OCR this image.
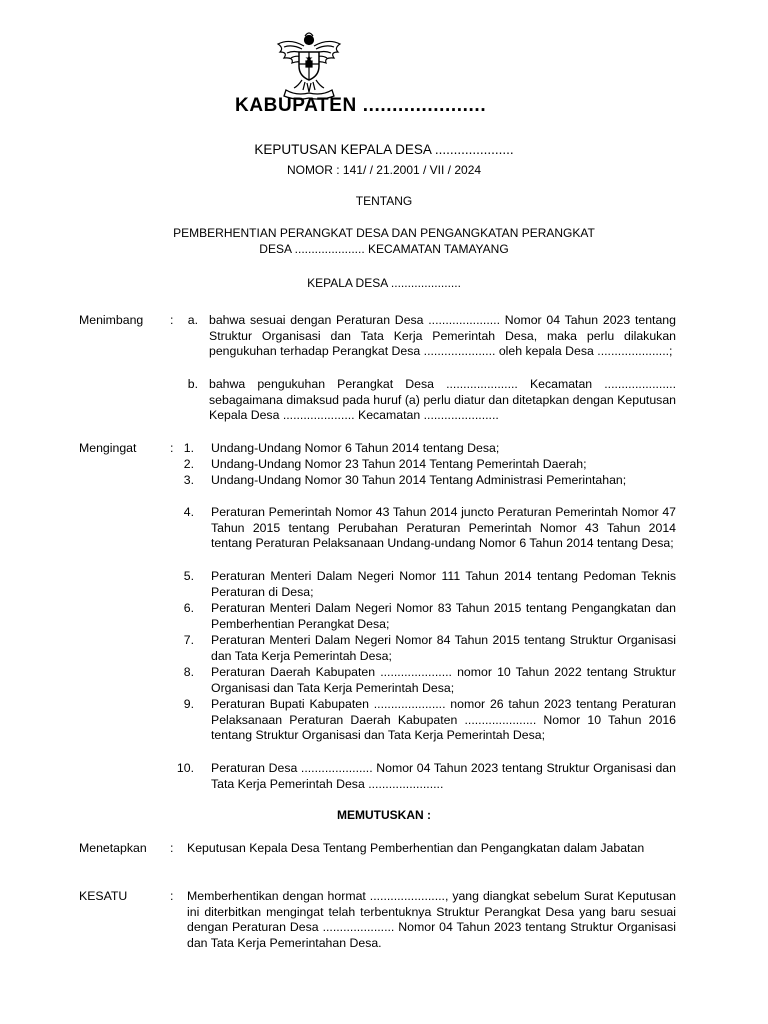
KABUPATEN .....................
KEPUTUSAN KEPALA DESA .....................
NOMOR : 141/ / 21.2001 / VII / 2024
TENTANG
PEMBERHENTIAN PERANGKAT DESA DAN PENGANGKATAN PERANGKAT
DESA ..................... KECAMATAN TAMAYANG
KEPALA DESA .....................
Menimbang :	a. bahwa sesuai dengan Peraturan Desa ..................... Nomor 04 Tahun 2023 tentang Struktur Organisasi dan Tata Kerja Pemerintah Desa, maka perlu dilakukan pengukuhan terhadap Perangkat Desa ..................... oleh kepala Desa .....................;
b. bahwa pengukuhan Perangkat Desa ..................... Kecamatan ..................... sebagaimana dimaksud pada huruf (a) perlu diatur dan ditetapkan dengan Keputusan Kepala Desa ..................... Kecamatan ......................
Mengingat	: 1. Undang-Undang Nomor 6 Tahun 2014 tentang Desa;
2. Undang-Undang Nomor 23 Tahun 2014 Tentang Pemerintah Daerah;
3. Undang-Undang Nomor 30 Tahun 2014 Tentang Administrasi Pemerintahan;
4. Peraturan Pemerintah Nomor 43 Tahun 2014 juncto Peraturan Pemerintah Nomor 47 Tahun 2015 tentang Perubahan Peraturan Pemerintah Nomor 43 Tahun 2014 tentang Peraturan Pelaksanaan Undang-undang Nomor 6 Tahun 2014 tentang Desa;
5. Peraturan Menteri Dalam Negeri Nomor 111 Tahun 2014 tentang Pedoman Teknis Peraturan di Desa;
6. Peraturan Menteri Dalam Negeri Nomor 83 Tahun 2015 tentang Pengangkatan dan Pemberhentian Perangkat Desa;
7. Peraturan Menteri Dalam Negeri Nomor 84 Tahun 2015 tentang Struktur Organisasi dan Tata Kerja Pemerintah Desa;
8. Peraturan Daerah Kabupaten ..................... nomor 10 Tahun 2022 tentang Struktur Organisasi dan Tata Kerja Pemerintah Desa;
9. Peraturan Bupati Kabupaten ..................... nomor 26 tahun 2023 tentang Peraturan Pelaksanaan Peraturan Daerah Kabupaten ..................... Nomor 10 Tahun 2016 tentang Struktur Organisasi dan Tata Kerja Pemerintah Desa;
10. Peraturan Desa ..................... Nomor 04 Tahun 2023 tentang Struktur Organisasi dan Tata Kerja Pemerintah Desa ......................
MEMUTUSKAN :
Menetapkan : Keputusan Kepala Desa Tentang Pemberhentian dan Pengangkatan dalam Jabatan
KESATU	: Memberhentikan dengan hormat ......................, yang diangkat sebelum Surat Keputusan ini diterbitkan mengingat telah terbentuknya Struktur Perangkat Desa yang baru sesuai dengan Peraturan Desa ..................... Nomor 04 Tahun 2023 tentang Struktur Organisasi dan Tata Kerja Pemerintahan Desa.
